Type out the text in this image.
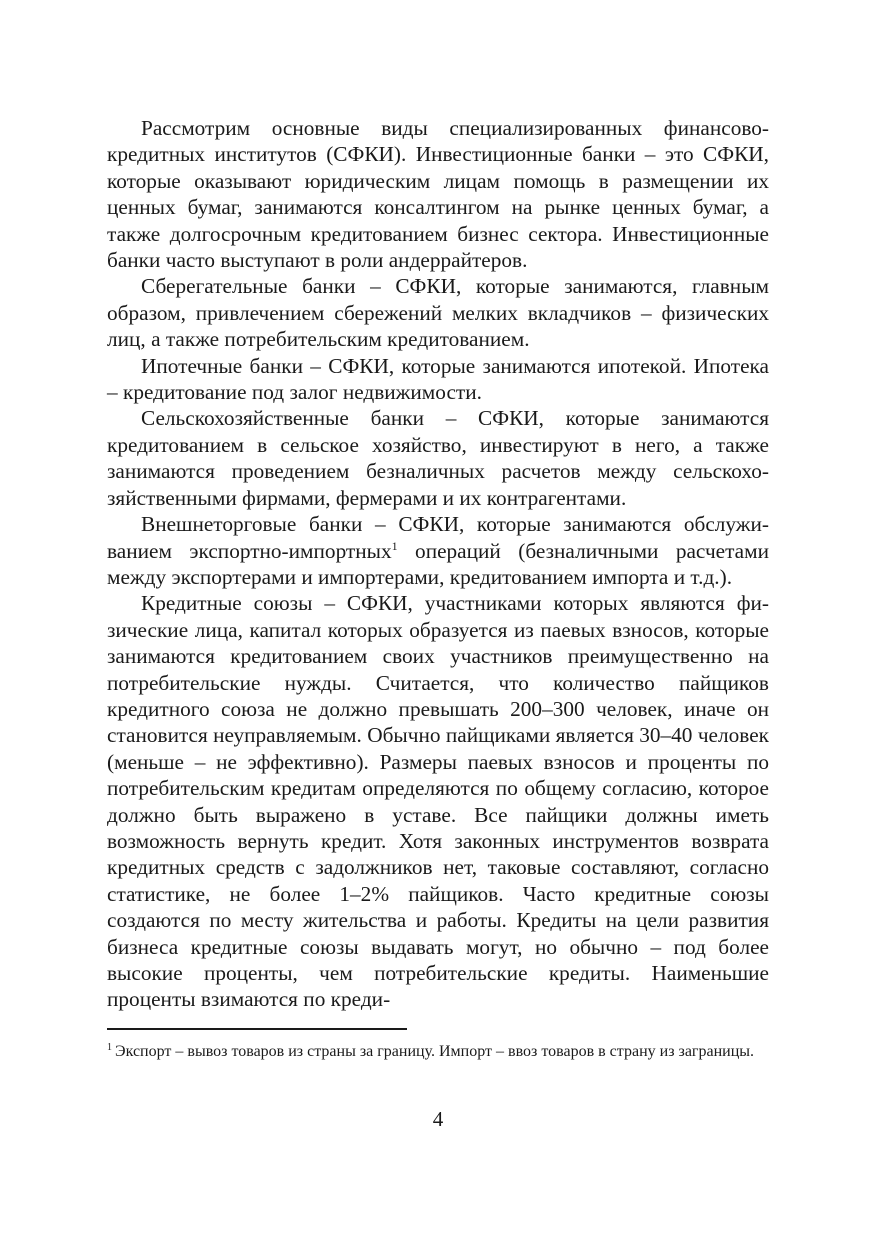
Рассмотрим основные виды специализированных финансово-кредитных институтов (СФКИ). Инвестиционные банки – это СФКИ, которые оказывают юридическим лицам помощь в размещении их ценных бумаг, занимаются консалтингом на рынке ценных бумаг, а также долгосрочным кредитованием бизнес сектора. Инвестиционные банки часто выступают в роли андеррайтеров.

Сберегательные банки – СФКИ, которые занимаются, главным образом, привлечением сбережений мелких вкладчиков – физических лиц, а также потребительским кредитованием.

Ипотечные банки – СФКИ, которые занимаются ипотекой. Ипотека – кредитование под залог недвижимости.

Сельскохозяйственные банки – СФКИ, которые занимаются кредитованием в сельское хозяйство, инвестируют в него, а также занимаются проведением безналичных расчетов между сельскохозяйственными фирмами, фермерами и их контрагентами.

Внешнеторговые банки – СФКИ, которые занимаются обслуживанием экспортно-импортных$^1$ операций (безналичными расчетами между экспортерами и импортерами, кредитованием импорта и т.д.).

Кредитные союзы – СФКИ, участниками которых являются физические лица, капитал которых образуется из паевых взносов, которые занимаются кредитованием своих участников преимущественно на потребительские нужды. Считается, что количество пайщиков кредитного союза не должно превышать 200–300 человек, иначе он становится неуправляемым. Обычно пайщиками является 30–40 человек (меньше – не эффективно). Размеры паевых взносов и проценты по потребительским кредитам определяются по общему согласию, которое должно быть выражено в уставе. Все пайщики должны иметь возможность вернуть кредит. Хотя законных инструментов возврата кредитных средств с задолжников нет, таковые составляют, согласно статистике, не более 1–2% пайщиков. Часто кредитные союзы создаются по месту жительства и работы. Кредиты на цели развития бизнеса кредитные союзы выдавать могут, но обычно – под более высокие проценты, чем потребительские кредиты. Наименьшие проценты взимаются по креди-

$^1$ Экспорт – вывоз товаров из страны за границу. Импорт – ввоз товаров в страну из заграницы.
4
